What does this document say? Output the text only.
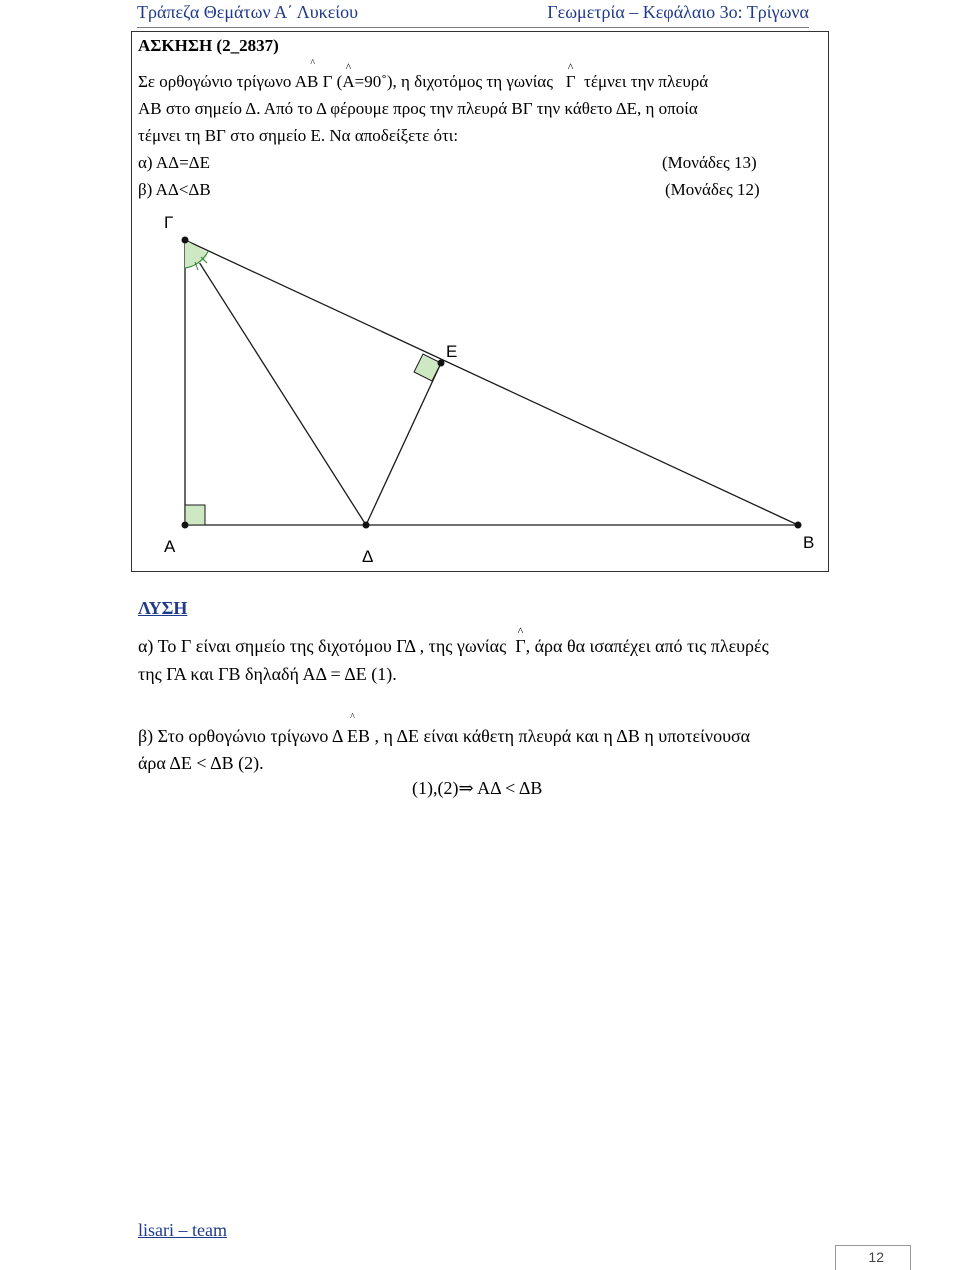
Τράπεζα Θεμάτων Α΄ Λυκείου	Γεωμετρία – Κεφάλαιο 3ο: Τρίγωνα
ΑΣΚΗΣΗ (2_2837)
Σε ορθογώνιο τρίγωνο Α^ Β Γ (^ Α=90˚), η διχοτόμος τη γωνίας ^ Γ τέμνει την πλευρά
ΑΒ στο σημείο Δ. Από το Δ φέρουμε προς την πλευρά ΒΓ την κάθετο ΔΕ, η οποία
τέμνει τη ΒΓ στο σημείο Ε. Να αποδείξετε ότι:
α) ΑΔ=ΔΕ	(Μονάδες 13)
β) ΑΔ<ΔΒ	(Μονάδες 12)
Γ
Ε
Α
Δ
Β
ΛΥΣΗ
α) Το Γ είναι σημείο της διχοτόμου ΓΔ , της γωνίας ^ Γ, άρα θα ισαπέχει από τις πλευρές
της ΓΑ και ΓΒ δηλαδή ΑΔ = ΔΕ (1).
β) Στο ορθογώνιο τρίγωνο Δ ^ ΕΒ , η ΔΕ είναι κάθετη πλευρά και η ΔΒ η υποτείνουσα
άρα ΔΕ < ΔΒ (2).
(1),(2)⇒ ΑΔ < ΔΒ
lisari – team
12
